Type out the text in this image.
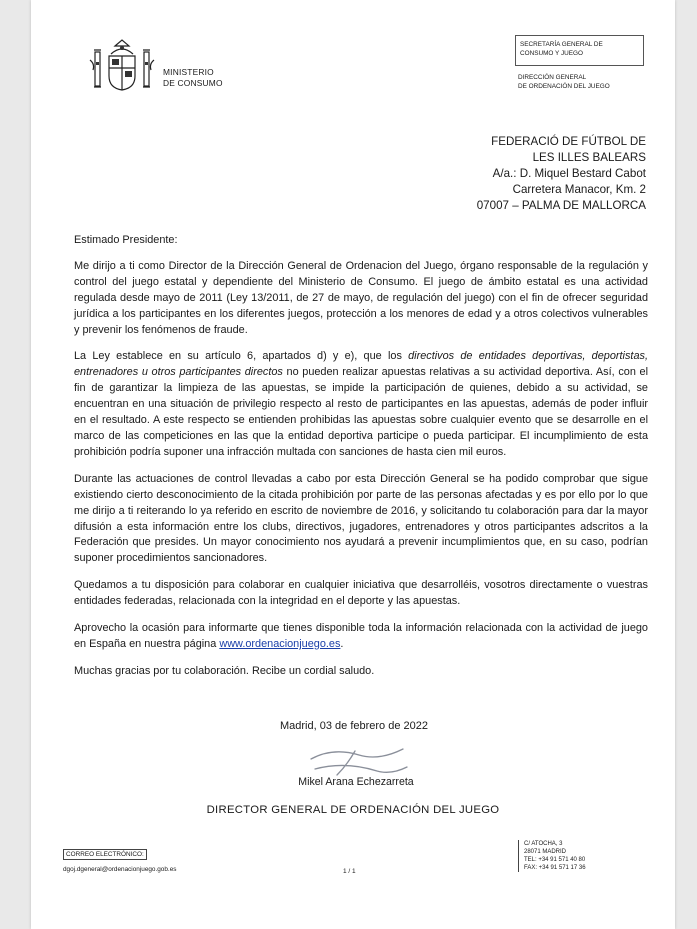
MINISTERIO
DE CONSUMO
SECRETARÍA GENERAL DE
CONSUMO Y JUEGO
DIRECCIÓN GENERAL
DE ORDENACIÓN DEL JUEGO
FEDERACIÓ DE FÚTBOL DE
LES ILLES BALEARS
A/a.: D. Miquel Bestard Cabot
Carretera Manacor, Km. 2
07007 – PALMA DE MALLORCA

Estimado Presidente:

Me dirijo a ti como Director de la Dirección General de Ordenacion del Juego, órgano responsable de la regulación y control del juego estatal y dependiente del Ministerio de Consumo. El juego de ámbito estatal es una actividad regulada desde mayo de 2011 (Ley 13/2011, de 27 de mayo, de regulación del juego) con el fin de ofrecer seguridad jurídica a los participantes en los diferentes juegos, protección a los menores de edad y a otros colectivos vulnerables y prevenir los fenómenos de fraude.

La Ley establece en su artículo 6, apartados d) y e), que los directivos de entidades deportivas, deportistas, entrenadores u otros participantes directos no pueden realizar apuestas relativas a su actividad deportiva. Así, con el fin de garantizar la limpieza de las apuestas, se impide la participación de quienes, debido a su actividad, se encuentran en una situación de privilegio respecto al resto de participantes en las apuestas, además de poder influir en el resultado. A este respecto se entienden prohibidas las apuestas sobre cualquier evento que se desarrolle en el marco de las competiciones en las que la entidad deportiva participe o pueda participar. El incumplimiento de esta prohibición podría suponer una infracción multada con sanciones de hasta cien mil euros.

Durante las actuaciones de control llevadas a cabo por esta Dirección General se ha podido comprobar que sigue existiendo cierto desconocimiento de la citada prohibición por parte de las personas afectadas y es por ello por lo que me dirijo a ti reiterando lo ya referido en escrito de noviembre de 2016, y solicitando tu colaboración para dar la mayor difusión a esta información entre los clubs, directivos, jugadores, entrenadores y otros participantes adscritos a la Federación que presides. Un mayor conocimiento nos ayudará a prevenir incumplimientos que, en su caso, podrían suponer procedimientos sancionadores.

Quedamos a tu disposición para colaborar en cualquier iniciativa que desarrolléis, vosotros directamente o vuestras entidades federadas, relacionada con la integridad en el deporte y las apuestas.

Aprovecho la ocasión para informarte que tienes disponible toda la información relacionada con la actividad de juego en España en nuestra página www.ordenacionjuego.es.

Muchas gracias por tu colaboración. Recibe un cordial saludo.

Madrid, 03 de febrero de 2022
Mikel Arana Echezarreta
DIRECTOR GENERAL DE ORDENACIÓN DEL JUEGO
CORREO ELECTRÓNICO:
dgoj.dgeneral@ordenacionjuego.gob.es	1 / 1
C/ ATOCHA, 3
28071 MADRID
TEL: +34 91 571 40 80
FAX: +34 91 571 17 36
